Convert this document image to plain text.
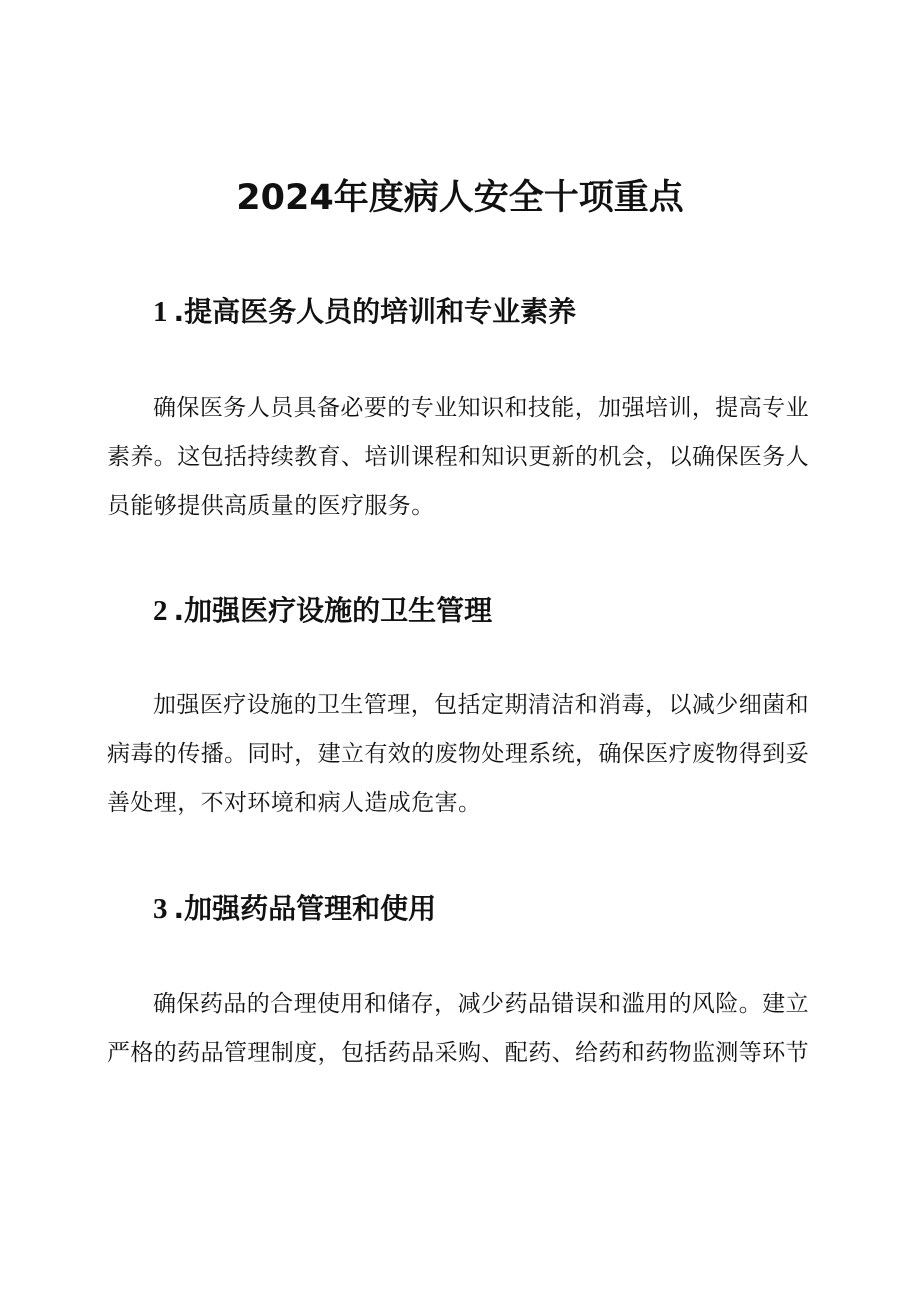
2024年度病人安全十项重点
1 .提高医务人员的培训和专业素养

确保医务人员具备必要的专业知识和技能，加强培训，提高专业素养。这包括持续教育、培训课程和知识更新的机会，以确保医务人员能够提供高质量的医疗服务。

2 .加强医疗设施的卫生管理

加强医疗设施的卫生管理，包括定期清洁和消毒，以减少细菌和病毒的传播。同时，建立有效的废物处理系统，确保医疗废物得到妥善处理，不对环境和病人造成危害。

3 .加强药品管理和使用

确保药品的合理使用和储存，减少药品错误和滥用的风险。建立严格的药品管理制度，包括药品采购、配药、给药和药物监测等环节
